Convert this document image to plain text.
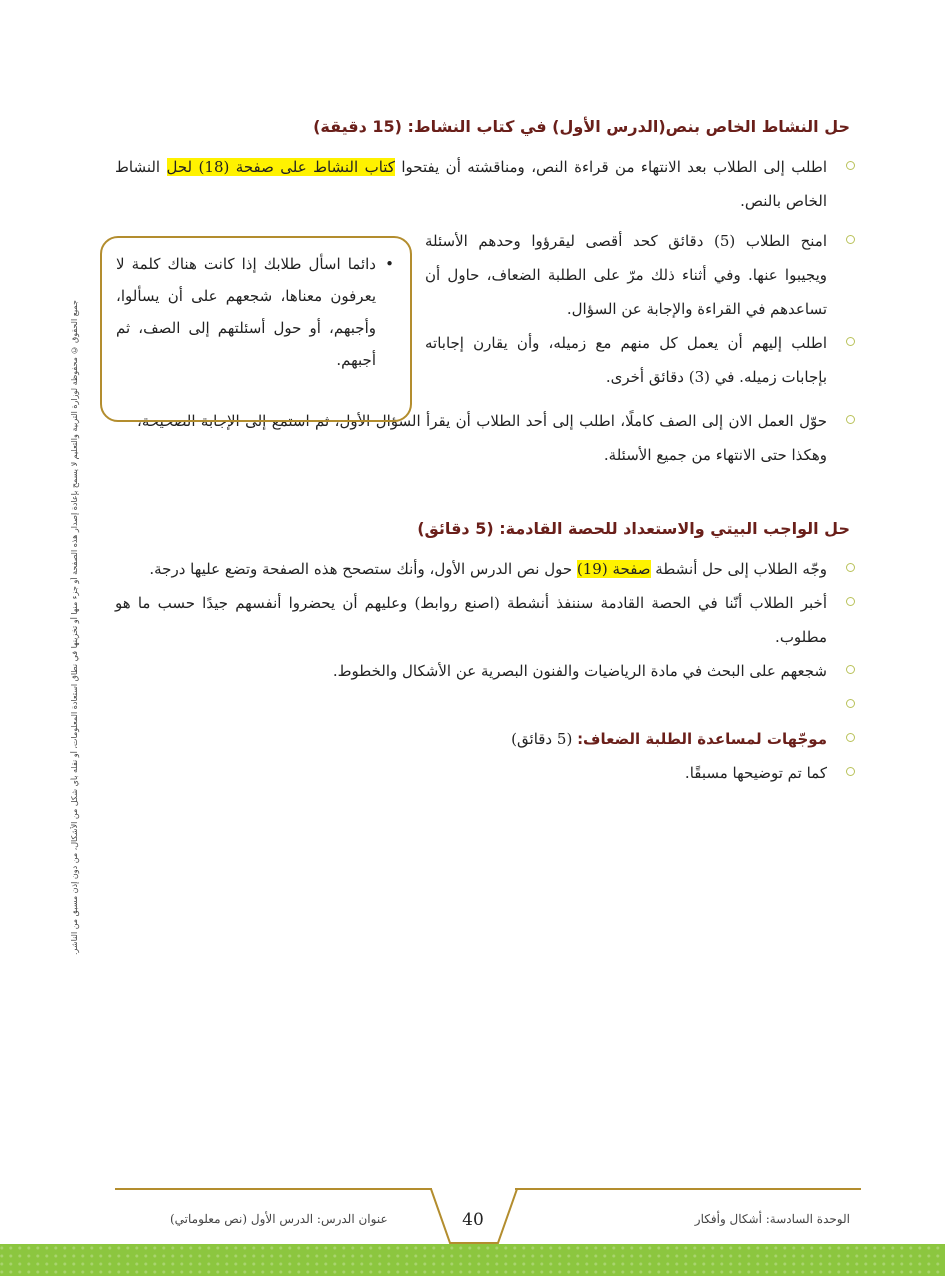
حل النشاط الخاص بنص(الدرس الأول) في كتاب النشاط: (15 دقيقة)
اطلب إلى الطلاب بعد الانتهاء من قراءة النص، ومناقشته أن يفتحوا كتاب النشاط على صفحة (18) لحل النشاط الخاص بالنص.
امنح الطلاب (5) دقائق كحد أقصى ليقرؤوا وحدهم الأسئلة ويجيبوا عنها. وفي أثناء ذلك مرّ على الطلبة الضعاف، حاول أن تساعدهم في القراءة والإجابة عن السؤال.
اطلب إليهم أن يعمل كل منهم مع زميله، وأن يقارن إجاباته بإجابات زميله. في (3) دقائق أخرى.
حوّل العمل الان إلى الصف كاملًا، اطلب إلى أحد الطلاب أن يقرأ السؤال الأول، ثم استمع إلى الإجابة الصحيحة، وهكذا حتى الانتهاء من جميع الأسئلة.

•
دائما اسأل طلابك إذا كانت هناك كلمة لا يعرفون معناها، شجعهم على أن يسألوا، وأجبهم، أو حول أسئلتهم إلى الصف، ثم أجبهم.

حل الواجب البيتي والاستعداد للحصة القادمة: (5 دقائق)
وجّه الطلاب إلى حل أنشطة صفحة (19) حول نص الدرس الأول، وأنك ستصحح هذه الصفحة وتضع عليها درجة.
أخبر الطلاب أنّنا في الحصة القادمة سننفذ أنشطة (اصنع روابط) وعليهم أن يحضروا أنفسهم جيدًا حسب ما هو مطلوب.
شجعهم على البحث في مادة الرياضيات والفنون البصرية عن الأشكال والخطوط.

موجّهات لمساعدة الطلبة الضعاف: (5 دقائق)
كما تم توضيحها مسبقًا.
جميع الحقوق © محفوظة لوزارة التربية والتعليم لا يسمح بإعادة إصدار هذه الصفحة أو جزء منها أو تخزينها في نطاق استعادة المعلومات، أو نقله بأي شكل من الأشكال، من دون إذن مسبق من الناشر.
الوحدة السادسة: أشكال وأفكار
عنوان الدرس: الدرس الأول (نص معلوماتي)	40
